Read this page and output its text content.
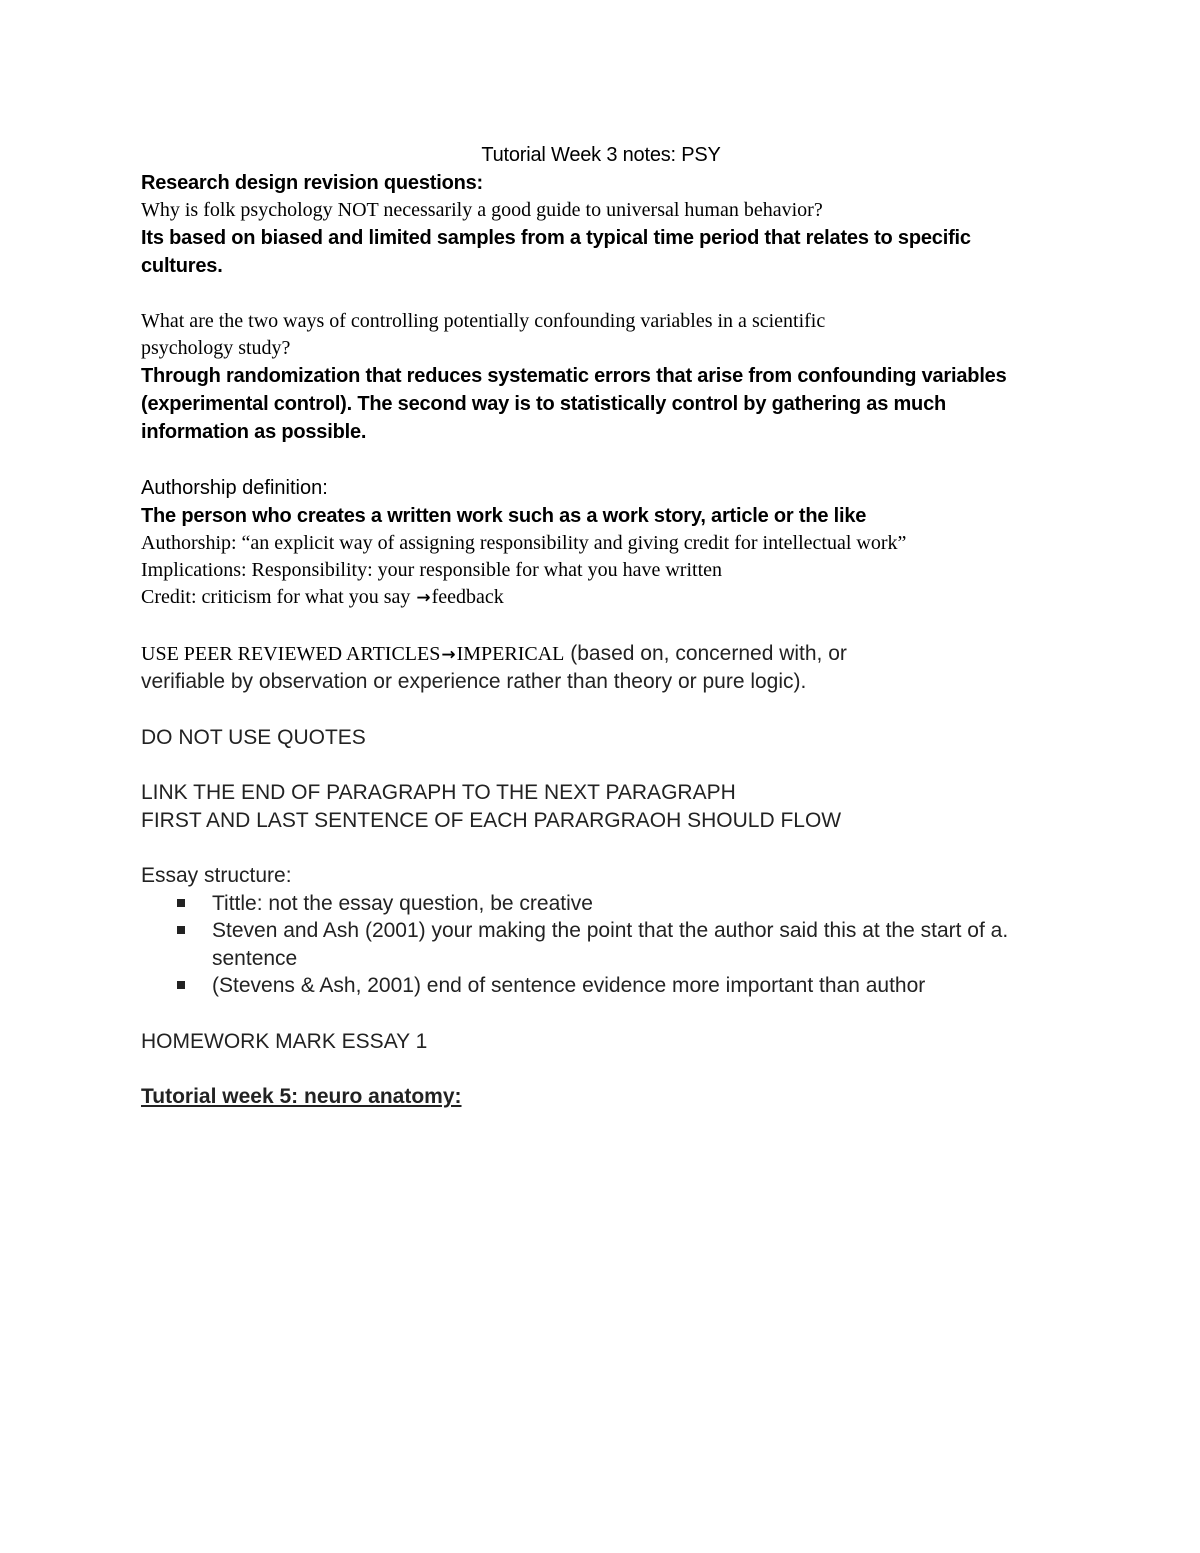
Tutorial Week 3 notes: PSY

Research design revision questions:

Why is folk psychology NOT necessarily a good guide to universal human behavior?

Its based on biased and limited samples from a typical time period that relates to specific

cultures.

What are the two ways of controlling potentially confounding variables in a scientific

psychology study?

Through randomization that reduces systematic errors that arise from confounding variables

(experimental control). The second way is to statistically control by gathering as much

information as possible.

Authorship definition:

The person who creates a written work such as a work story, article or the like

Authorship: “an explicit way of assigning responsibility and giving credit for intellectual work”

Implications: Responsibility: your responsible for what you have written

Credit: criticism for what you say →feedback

USE PEER REVIEWED ARTICLES→IMPERICAL (based on, concerned with, or

verifiable by observation or experience rather than theory or pure logic).

DO NOT USE QUOTES

LINK THE END OF PARAGRAPH TO THE NEXT PARAGRAPH

FIRST AND LAST SENTENCE OF EACH PARARGRAOH SHOULD FLOW

Essay structure:

Tittle: not the essay question, be creative
Steven and Ash (2001) your making the point that the author said this at the start of a. sentence
(Stevens & Ash, 2001) end of sentence evidence more important than author

HOMEWORK MARK ESSAY 1

Tutorial week 5: neuro anatomy:
